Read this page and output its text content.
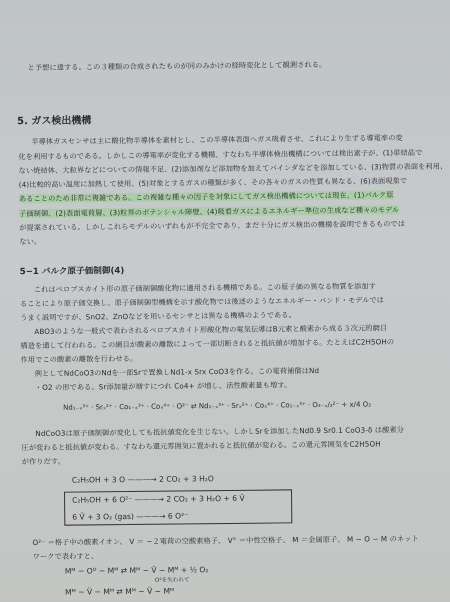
と予想に達する。この３種類の合成されたものが同のみかけの経時変化として観測される。
5. ガス検出機構
半導体ガスセンサは主に酸化物半導体を素材とし、この半導体表面へガス吸着させ、これにより生ずる導電率の変
化を利用するものである。しかしこの導電率が変化する機構、すなわち半導体検出機構については検出素子が、(1)単結晶で
ない焼結体、大粒界などについての情報不足、(2)添加剤など添加物を加えてバインダなどを添加している、(3)物質の表面を利用、
(4)比較的高い温度に加熱して使用、(5)対象とするガスの種類が多く、その各々のガスの性質も異なる、(6)表面現象で
あることのため非常に複雑である。この複雑な種々の因子を対象にしてガス検出機構については現在、(1)バルク原
子価制御、(2)表面電荷層、(3)粒界のポテンシャル障壁、(4)吸着ガスによるエネルギー準位の生成など種々のモデル
が提案されている。しかしこれらモデルのいずれもが不完全であり、まだ十分にガス検出の機構を説明できるものでは
ない。
5−1 バルク原子価制御(4)
これはペロブスカイト形の原子価制御酸化物に適用される機構である。この原子価の異なる物質を添加す
ることにより原子価交換し、原子価制御型機構を示す酸化物では後述のようなエネルギー・バンド・モデルでは
うまく説明ですが、SnO2、ZnOなどを用いるセンサとは異なる機構のようである。
ABO3のような一般式で表わされるペロブスカイト形酸化物の電気伝導はB元素と酸素から成る３次元的網目
構造を通して行われる。この網目が酸素の離散によって一部切断されると抵抗値が増加する。たとえばC2H5OHの
作用でこの酸素の離散を行わせる。
例としてNdCoO3のNdを一部Srで置換しNd1-x Srx CoO3を作る。この電荷補償はNd
・O2 の形である。Sr添加量が増すにつれ Co4+ が増し、活性酸素量も増す。
Nd₁₋ₓ³⁺ · Srₓ²⁺ · Co₁₋ₓ³⁺ · Coₓ⁴⁺ · O²⁻ ⇄ Nd₁₋ₓ³⁺ · Srₓ²⁺ · Coₓ⁴⁺ · Co₁₋ₓ³⁺ · O₃₋ₓ/₂²⁻ + x/4 O₂
NdCoO3は原子価制御が変化しても抵抗値変化を生じない。しかしSrを添加したNd0.9 Sr0.1 CoO3-δ は酸素分
圧が変わると抵抗値が変わる。すなわち還元雰囲気に置かれると抵抗値が変わる。この還元雰囲気をC2H5OH
が作りだす。
C₂H₅OH + 3 O ———→ 2 CO₂ + 3 H₂O
C₂H₅OH + 6 O²⁻ ———→ 2 CO₂ + 3 H₂O + 6 V̈
6 V̈ + 3 O₂ (gas) ———→ 6 O²⁻
O²⁻ ＝格子中の酸素イオン、 V ＝ −２電荷の空酸素格子、 V° ＝中性空格子、 M ＝金属原子、 M − O − M のネット
ワークで表わすと、
Mᴹ − Oᴼ − Mᴹ ⇄ Mᴹ − V̈ − Mᴹ + ½ O₂
O²を失われて
Mᴹ − V̈ − Mᴹ ⇄ Mᴹ − V̈ − Mᴹ
